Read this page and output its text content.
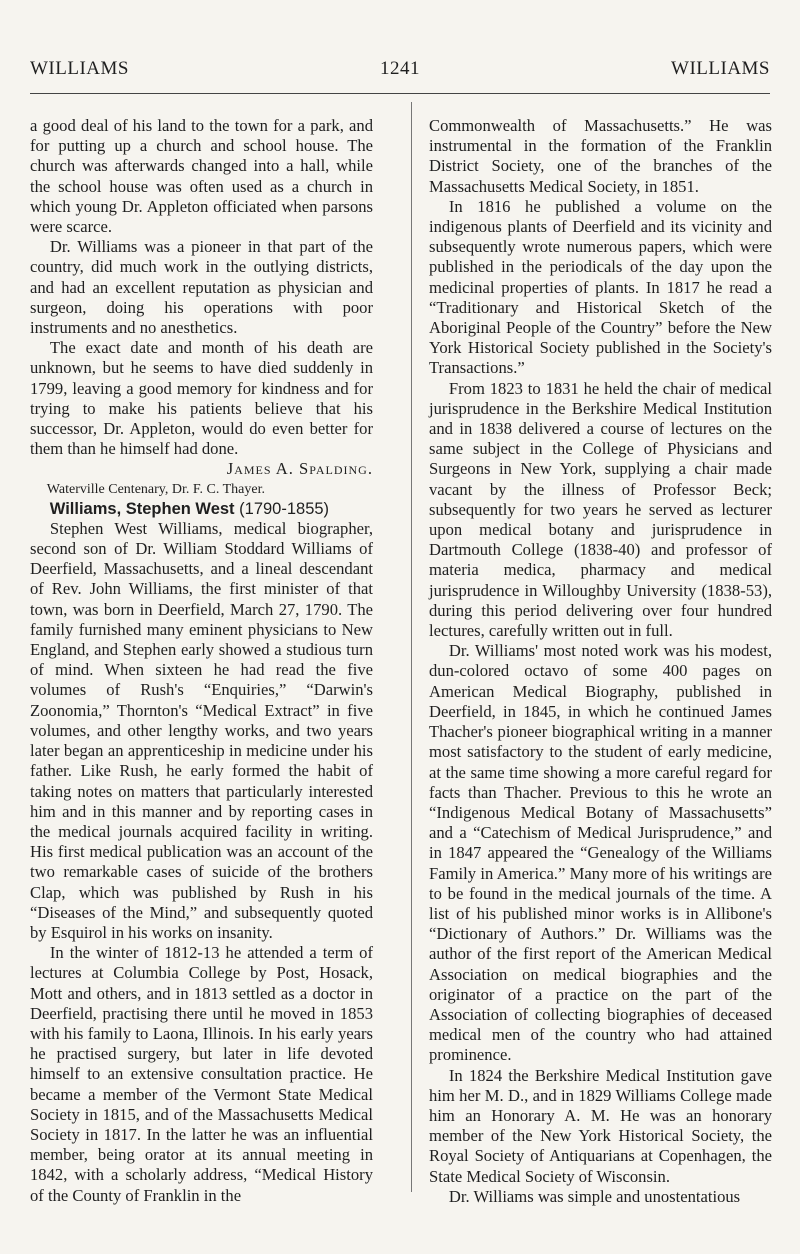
WILLIAMS	1241	WILLIAMS

a good deal of his land to the town for a park, and for putting up a church and school house. The church was afterwards changed into a hall, while the school house was often used as a church in which young Dr. Appleton officiated when parsons were scarce.

Dr. Williams was a pioneer in that part of the country, did much work in the outlying districts, and had an excellent reputation as physician and surgeon, doing his operations with poor instruments and no anesthetics.

The exact date and month of his death are unknown, but he seems to have died suddenly in 1799, leaving a good memory for kindness and for trying to make his patients believe that his successor, Dr. Appleton, would do even better for them than he himself had done.

James A. Spalding.

Waterville Centenary, Dr. F. C. Thayer.

Williams, Stephen West (1790-1855)

Stephen West Williams, medical biographer, second son of Dr. William Stoddard Williams of Deerfield, Massachusetts, and a lineal descendant of Rev. John Williams, the first minister of that town, was born in Deerfield, March 27, 1790. The family furnished many eminent physicians to New England, and Stephen early showed a studious turn of mind. When sixteen he had read the five volumes of Rush's “Enquiries,” “Darwin's Zoonomia,” Thornton's “Medical Extract” in five volumes, and other lengthy works, and two years later began an apprenticeship in medicine under his father. Like Rush, he early formed the habit of taking notes on matters that particularly interested him and in this manner and by reporting cases in the medical journals acquired facility in writing. His first medical publication was an account of the two remarkable cases of suicide of the brothers Clap, which was published by Rush in his “Diseases of the Mind,” and subsequently quoted by Esquirol in his works on insanity.

In the winter of 1812-13 he attended a term of lectures at Columbia College by Post, Hosack, Mott and others, and in 1813 settled as a doctor in Deerfield, practising there until he moved in 1853 with his family to Laona, Illinois. In his early years he practised surgery, but later in life devoted himself to an extensive consultation practice. He became a member of the Vermont State Medical Society in 1815, and of the Massachusetts Medical Society in 1817. In the latter he was an influential member, being orator at its annual meeting in 1842, with a scholarly address, “Medical History of the County of Franklin in the

Commonwealth of Massachusetts.” He was instrumental in the formation of the Franklin District Society, one of the branches of the Massachusetts Medical Society, in 1851.

In 1816 he published a volume on the indigenous plants of Deerfield and its vicinity and subsequently wrote numerous papers, which were published in the periodicals of the day upon the medicinal properties of plants. In 1817 he read a “Traditionary and Historical Sketch of the Aboriginal People of the Country” before the New York Historical Society published in the Society's Transactions.”

From 1823 to 1831 he held the chair of medical jurisprudence in the Berkshire Medical Institution and in 1838 delivered a course of lectures on the same subject in the College of Physicians and Surgeons in New York, supplying a chair made vacant by the illness of Professor Beck; subsequently for two years he served as lecturer upon medical botany and jurisprudence in Dartmouth College (1838-40) and professor of materia medica, pharmacy and medical jurisprudence in Willoughby University (1838-53), during this period delivering over four hundred lectures, carefully written out in full.

Dr. Williams' most noted work was his modest, dun-colored octavo of some 400 pages on American Medical Biography, published in Deerfield, in 1845, in which he continued James Thacher's pioneer biographical writing in a manner most satisfactory to the student of early medicine, at the same time showing a more careful regard for facts than Thacher. Previous to this he wrote an “Indigenous Medical Botany of Massachusetts” and a “Catechism of Medical Jurisprudence,” and in 1847 appeared the “Genealogy of the Williams Family in America.” Many more of his writings are to be found in the medical journals of the time. A list of his published minor works is in Allibone's “Dictionary of Authors.” Dr. Williams was the author of the first report of the American Medical Association on medical biographies and the originator of a practice on the part of the Association of collecting biographies of deceased medical men of the country who had attained prominence.

In 1824 the Berkshire Medical Institution gave him her M. D., and in 1829 Williams College made him an Honorary A. M. He was an honorary member of the New York Historical Society, the Royal Society of Antiquarians at Copenhagen, the State Medical Society of Wisconsin.

Dr. Williams was simple and unostentatious
